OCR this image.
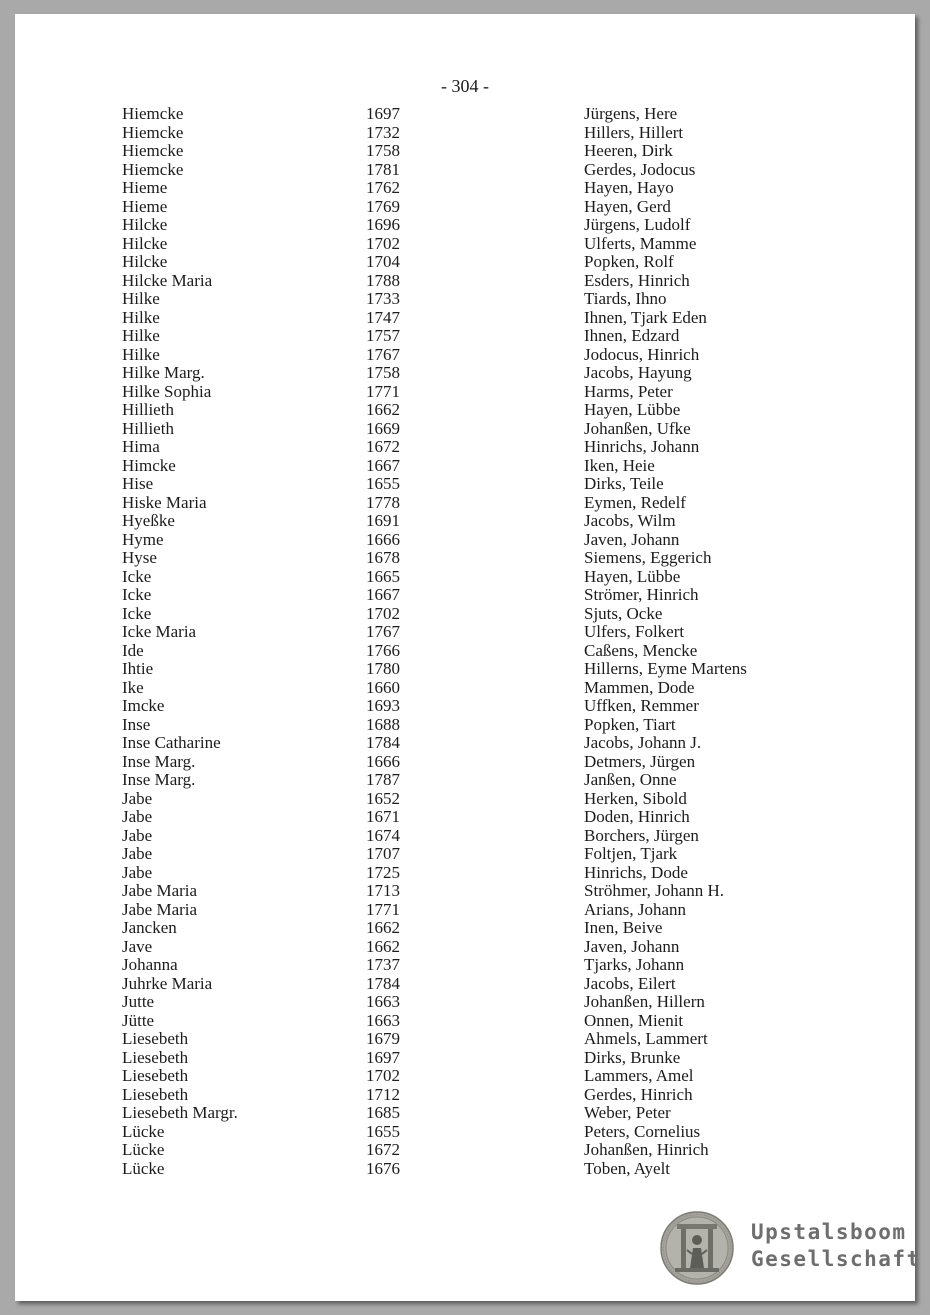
- 304 -

Hiemcke	1697	Jürgens, Here
Hiemcke	1732	Hillers, Hillert
Hiemcke	1758	Heeren, Dirk
Hiemcke	1781	Gerdes, Jodocus
Hieme	1762	Hayen, Hayo
Hieme	1769	Hayen, Gerd
Hilcke	1696	Jürgens, Ludolf
Hilcke	1702	Ulferts, Mamme
Hilcke	1704	Popken, Rolf
Hilcke Maria	1788	Esders, Hinrich
Hilke	1733	Tiards, Ihno
Hilke	1747	Ihnen, Tjark Eden
Hilke	1757	Ihnen, Edzard
Hilke	1767	Jodocus, Hinrich
Hilke Marg.	1758	Jacobs, Hayung
Hilke Sophia	1771	Harms, Peter
Hillieth	1662	Hayen, Lübbe
Hillieth	1669	Johanßen, Ufke
Hima	1672	Hinrichs, Johann
Himcke	1667	Iken, Heie
Hise	1655	Dirks, Teile
Hiske Maria	1778	Eymen, Redelf
Hyeßke	1691	Jacobs, Wilm
Hyme	1666	Javen, Johann
Hyse	1678	Siemens, Eggerich
Icke	1665	Hayen, Lübbe
Icke	1667	Strömer, Hinrich
Icke	1702	Sjuts, Ocke
Icke Maria	1767	Ulfers, Folkert
Ide	1766	Caßens, Mencke
Ihtie	1780	Hillerns, Eyme Martens
Ike	1660	Mammen, Dode
Imcke	1693	Uffken, Remmer
Inse	1688	Popken, Tiart
Inse Catharine	1784	Jacobs, Johann J.
Inse Marg.	1666	Detmers, Jürgen
Inse Marg.	1787	Janßen, Onne
Jabe	1652	Herken, Sibold
Jabe	1671	Doden, Hinrich
Jabe	1674	Borchers, Jürgen
Jabe	1707	Foltjen, Tjark
Jabe	1725	Hinrichs, Dode
Jabe Maria	1713	Ströhmer, Johann H.
Jabe Maria	1771	Arians, Johann
Jancken	1662	Inen, Beive
Jave	1662	Javen, Johann
Johanna	1737	Tjarks, Johann
Juhrke Maria	1784	Jacobs, Eilert
Jutte	1663	Johanßen, Hillern
Jütte	1663	Onnen, Mienit
Liesebeth	1679	Ahmels, Lammert
Liesebeth	1697	Dirks, Brunke
Liesebeth	1702	Lammers, Amel
Liesebeth	1712	Gerdes, Hinrich
Liesebeth Margr.	1685	Weber, Peter
Lücke	1655	Peters, Cornelius
Lücke	1672	Johanßen, Hinrich
Lücke	1676	Toben, Ayelt

Upstalsboom
Gesellschaft
